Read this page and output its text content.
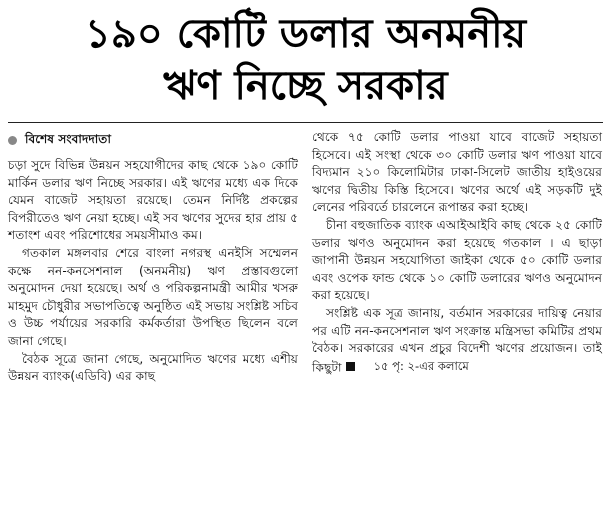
১৯০ কোটি ডলার অনমনীয়
ঋণ নিচ্ছে সরকার
বিশেষ সংবাদদাতা

চড়া সুদে বিভিন্ন উন্নয়ন সহযোগীদের কাছ থেকে ১৯০ কোটি মার্কিন ডলার ঋণ নিচ্ছে সরকার। এই ঋণের মধ্যে এক দিকে যেমন বাজেট সহায়তা রয়েছে। তেমন নির্দিষ্ট প্রকল্পের বিপরীতেও ঋণ নেয়া হচ্ছে। এই সব ঋণের সুদের হার প্রায় ৫ শতাংশ এবং পরিশোধের সময়সীমাও কম।

গতকাল মঙ্গলবার শেরে বাংলা নগরস্থ এনইসি সম্মেলন কক্ষে নন-কনসেশনাল (অনমনীয়) ঋণ প্রস্তাবগুলো অনুমোদন দেয়া হয়েছে। অর্থ ও পরিকল্পনামন্ত্রী আমীর খসরু মাহমুদ চৌধুরীর সভাপতিত্বে অনুষ্ঠিত এই সভায় সংশ্লিষ্ট সচিব ও উচ্চ পর্যায়ের সরকারি কর্মকর্তারা উপস্থিত ছিলেন বলে জানা গেছে।

বৈঠক সূত্রে জানা গেছে, অনুমোদিত ঋণের মধ্যে এশীয় উন্নয়ন ব্যাংক(এডিবি) এর কাছ

থেকে ৭৫ কোটি ডলার পাওয়া যাবে বাজেট সহায়তা হিসেবে। এই সংস্থা থেকে ৩০ কোটি ডলার ঋণ পাওয়া যাবে বিদ্যমান ২১০ কিলোমিটার ঢাকা-সিলেট জাতীয় হাইওয়ের ঋণের দ্বিতীয় কিস্তি হিসেবে। ঋণের অর্থে এই সড়কটি দুই লেনের পরিবর্তে চারলেনে রূপান্তর করা হচ্ছে।

চীনা বহুজাতিক ব্যাংক এআইআইবি কাছ থেকে ২৫ কোটি ডলার ঋণও অনুমোদন করা হয়েছে গতকাল । এ ছাড়া জাপানী উন্নয়ন সহযোগিতা জাইকা থেকে ৫০ কোটি ডলার এবং ওপেক ফান্ড থেকে ১০ কোটি ডলারের ঋণও অনুমোদন করা হয়েছে।

সংশ্লিষ্ট এক সূত্র জানায়, বর্তমান সরকারের দায়িত্ব নেয়ার পর এটি নন-কনসেশনাল ঋণ সংক্রান্ত মন্ত্রিসভা কমিটির প্রথম বৈঠক। সরকারের এখন প্রচুর বিদেশী ঋণের প্রয়োজন। তাই কিছুটা	১৫ পৃ: ২-এর কলামে
